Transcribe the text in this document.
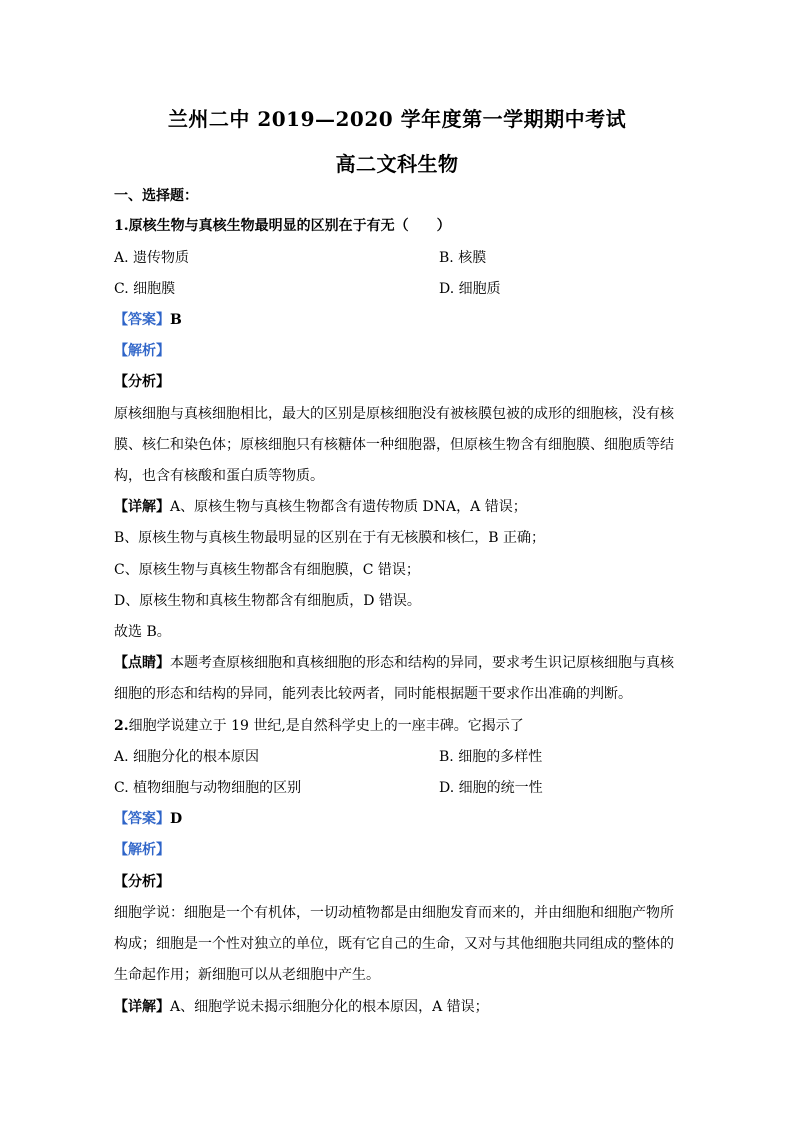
兰州二中 2019—2020 学年度第一学期期中考试
高二文科生物
一、选择题：
1.原核生物与真核生物最明显的区别在于有无（　　）
A. 遗传物质	B. 核膜
C. 细胞膜	D. 细胞质
【答案】B
【解析】
【分析】
原核细胞与真核细胞相比，最大的区别是原核细胞没有被核膜包被的成形的细胞核，没有核
膜、核仁和染色体；原核细胞只有核糖体一种细胞器，但原核生物含有细胞膜、细胞质等结
构，也含有核酸和蛋白质等物质。
【详解】A、原核生物与真核生物都含有遗传物质 DNA，A 错误；
B、原核生物与真核生物最明显的区别在于有无核膜和核仁，B 正确；
C、原核生物与真核生物都含有细胞膜，C 错误；
D、原核生物和真核生物都含有细胞质，D 错误。
故选 B。
【点睛】本题考查原核细胞和真核细胞的形态和结构的异同，要求考生识记原核细胞与真核
细胞的形态和结构的异同，能列表比较两者，同时能根据题干要求作出准确的判断。
2.细胞学说建立于 19 世纪,是自然科学史上的一座丰碑。它揭示了
A. 细胞分化的根本原因	B. 细胞的多样性
C. 植物细胞与动物细胞的区别	D. 细胞的统一性
【答案】D
【解析】
【分析】
细胞学说：细胞是一个有机体，一切动植物都是由细胞发育而来的，并由细胞和细胞产物所
构成；细胞是一个性对独立的单位，既有它自己的生命，又对与其他细胞共同组成的整体的
生命起作用；新细胞可以从老细胞中产生。
【详解】A、细胞学说未揭示细胞分化的根本原因，A 错误；
